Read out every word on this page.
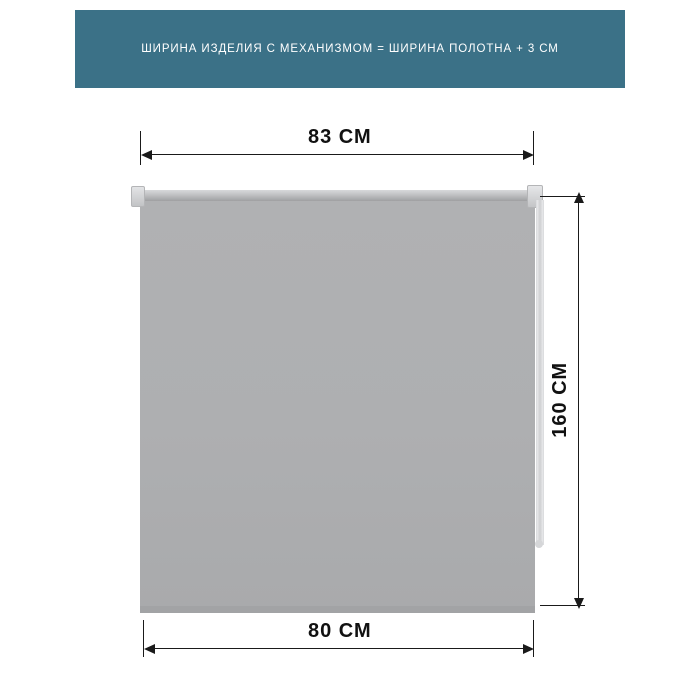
ШИРИНА ИЗДЕЛИЯ С МЕХАНИЗМОМ = ШИРИНА ПОЛОТНА + 3 СМ
83 СМ
160 СМ
80 СМ
